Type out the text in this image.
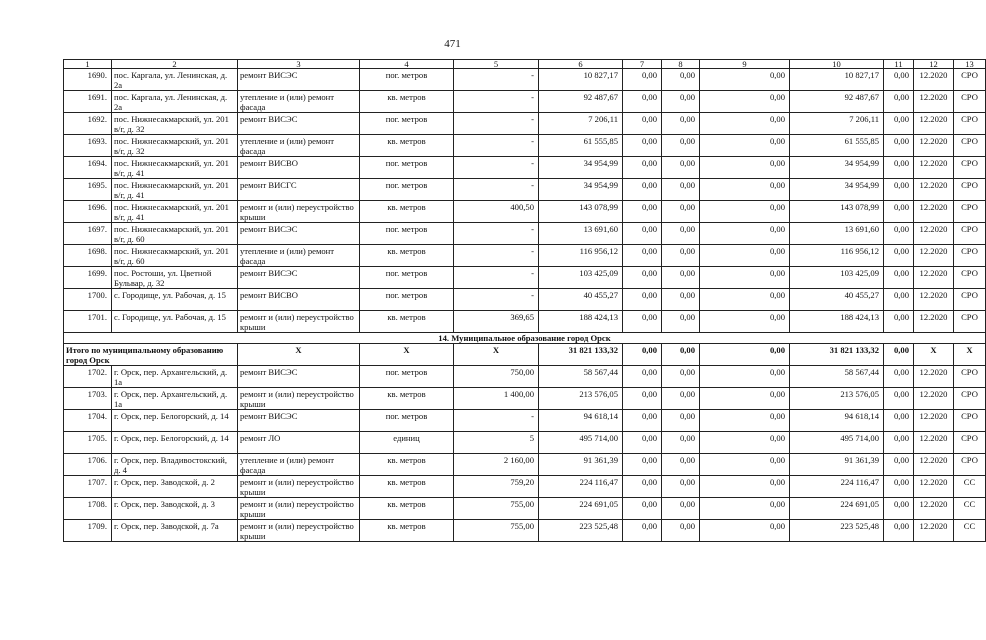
471
1	2	3	4	5	6	7	8	9	10	11	12	13
1690.	пос. Каргала, ул. Ленинская, д. 2а	ремонт ВИСЭС	пог. метров	-	10 827,17	0,00	0,00	0,00	10 827,17	0,00	12.2020	СРО
1691.	пос. Каргала, ул. Ленинская, д. 2а	утепление и (или) ремонт фасада	кв. метров	-	92 487,67	0,00	0,00	0,00	92 487,67	0,00	12.2020	СРО
1692.	пос. Нижнесакмарский, ул. 201 в/г, д. 32	ремонт ВИСЭС	пог. метров	-	7 206,11	0,00	0,00	0,00	7 206,11	0,00	12.2020	СРО
1693.	пос. Нижнесакмарский, ул. 201 в/г, д. 32	утепление и (или) ремонт фасада	кв. метров	-	61 555,85	0,00	0,00	0,00	61 555,85	0,00	12.2020	СРО
1694.	пос. Нижнесакмарский, ул. 201 в/г, д. 41	ремонт ВИСВО	пог. метров	-	34 954,99	0,00	0,00	0,00	34 954,99	0,00	12.2020	СРО
1695.	пос. Нижнесакмарский, ул. 201 в/г, д. 41	ремонт ВИСГС	пог. метров	-	34 954,99	0,00	0,00	0,00	34 954,99	0,00	12.2020	СРО
1696.	пос. Нижнесакмарский, ул. 201 в/г, д. 41	ремонт и (или) переустройство крыши	кв. метров	400,50	143 078,99	0,00	0,00	0,00	143 078,99	0,00	12.2020	СРО
1697.	пос. Нижнесакмарский, ул. 201 в/г, д. 60	ремонт ВИСЭС	пог. метров	-	13 691,60	0,00	0,00	0,00	13 691,60	0,00	12.2020	СРО
1698.	пос. Нижнесакмарский, ул. 201 в/г, д. 60	утепление и (или) ремонт фасада	кв. метров	-	116 956,12	0,00	0,00	0,00	116 956,12	0,00	12.2020	СРО
1699.	пос. Ростоши, ул. Цветной Бульвар, д. 32	ремонт ВИСЭС	пог. метров	-	103 425,09	0,00	0,00	0,00	103 425,09	0,00	12.2020	СРО
1700.	с. Городище, ул. Рабочая, д. 15	ремонт ВИСВО	пог. метров	-	40 455,27	0,00	0,00	0,00	40 455,27	0,00	12.2020	СРО
1701.	с. Городище, ул. Рабочая, д. 15	ремонт и (или) переустройство крыши	кв. метров	369,65	188 424,13	0,00	0,00	0,00	188 424,13	0,00	12.2020	СРО
14. Муниципальное образование город Орск												
Итого по муниципальному образованию город Орск		Х	Х	Х	31 821 133,32	0,00	0,00	0,00	31 821 133,32	0,00	Х	Х
1702.	г. Орск, пер. Архангельский, д. 1а	ремонт ВИСЭС	пог. метров	750,00	58 567,44	0,00	0,00	0,00	58 567,44	0,00	12.2020	СРО
1703.	г. Орск, пер. Архангельский, д. 1а	ремонт и (или) переустройство крыши	кв. метров	1 400,00	213 576,05	0,00	0,00	0,00	213 576,05	0,00	12.2020	СРО
1704.	г. Орск, пер. Белогорский, д. 14	ремонт ВИСЭС	пог. метров	-	94 618,14	0,00	0,00	0,00	94 618,14	0,00	12.2020	СРО
1705.	г. Орск, пер. Белогорский, д. 14	ремонт ЛО	единиц	5	495 714,00	0,00	0,00	0,00	495 714,00	0,00	12.2020	СРО
1706.	г. Орск, пер. Владивостокский, д. 4	утепление и (или) ремонт фасада	кв. метров	2 160,00	91 361,39	0,00	0,00	0,00	91 361,39	0,00	12.2020	СРО
1707.	г. Орск, пер. Заводской, д. 2	ремонт и (или) переустройство крыши	кв. метров	759,20	224 116,47	0,00	0,00	0,00	224 116,47	0,00	12.2020	СС
1708.	г. Орск, пер. Заводской, д. 3	ремонт и (или) переустройство крыши	кв. метров	755,00	224 691,05	0,00	0,00	0,00	224 691,05	0,00	12.2020	СС
1709.	г. Орск, пер. Заводской, д. 7а	ремонт и (или) переустройство крыши	кв. метров	755,00	223 525,48	0,00	0,00	0,00	223 525,48	0,00	12.2020	СС
